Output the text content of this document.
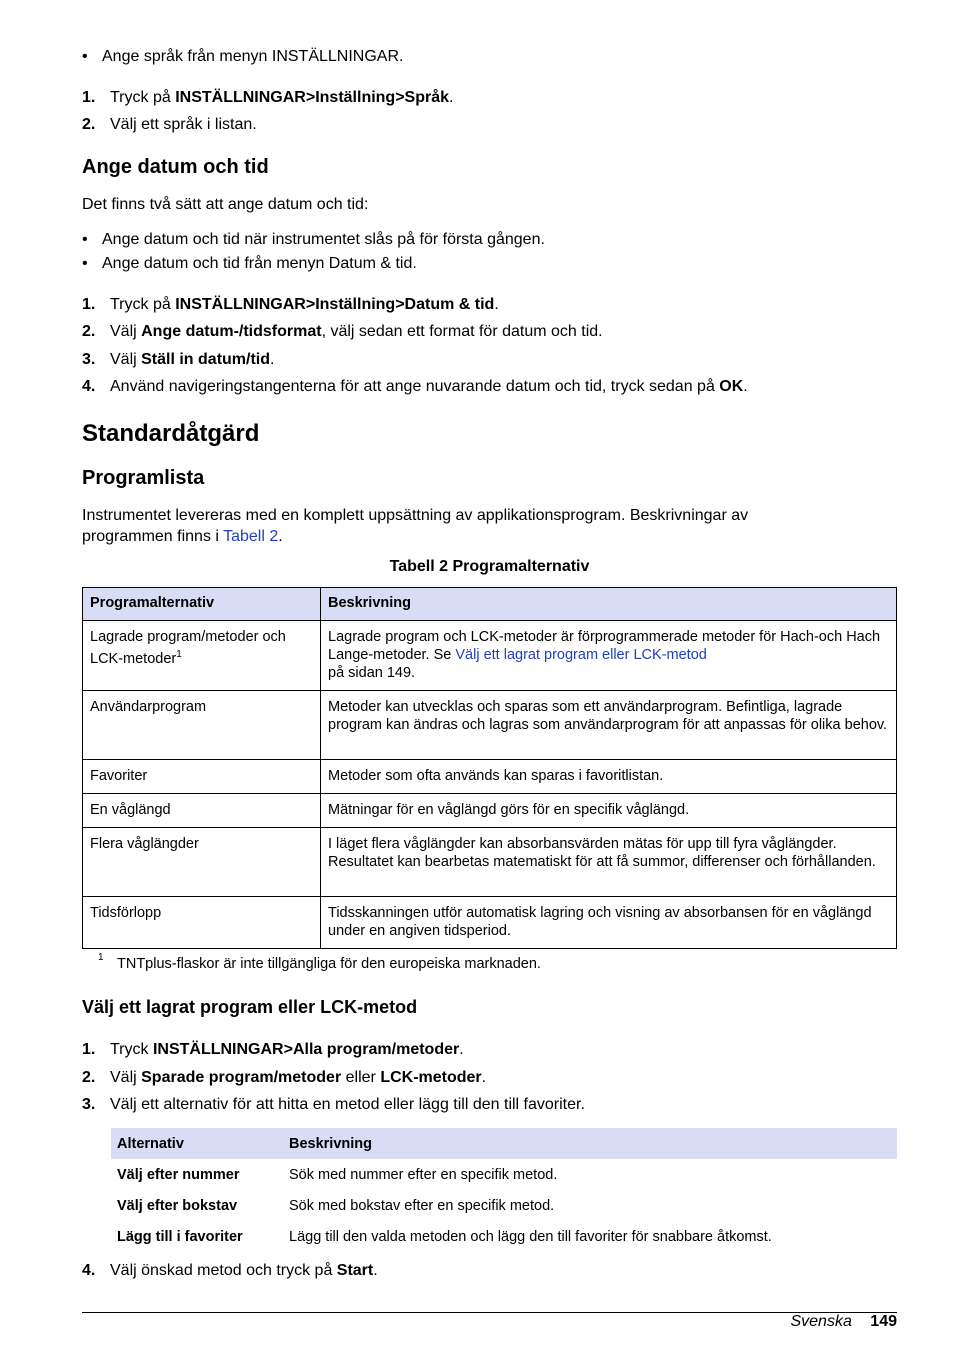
• Ange språk från menyn INSTÄLLNINGAR.
1. Tryck på INSTÄLLNINGAR>Inställning>Språk.
2. Välj ett språk i listan.
Ange datum och tid
Det finns två sätt att ange datum och tid:
• Ange datum och tid när instrumentet slås på för första gången.
• Ange datum och tid från menyn Datum & tid.
1. Tryck på INSTÄLLNINGAR>Inställning>Datum & tid.
2. Välj Ange datum-/tidsformat, välj sedan ett format för datum och tid.
3. Välj Ställ in datum/tid.
4. Använd navigeringstangenterna för att ange nuvarande datum och tid, tryck sedan på OK.
Standardåtgärd
Programlista
Instrumentet levereras med en komplett uppsättning av applikationsprogram. Beskrivningar av
programmen finns i Tabell 2.
Tabell 2 Programalternativ
Programalternativ	Beskrivning
Lagrade program/metoder och LCK-metoder$^1$	Lagrade program och LCK-metoder är förprogrammerade metoder för Hach-och Hach Lange-metoder. Se Välj ett lagrat program eller LCK-metod
på sidan 149.
Användarprogram	Metoder kan utvecklas och sparas som ett användarprogram. Befintliga, lagrade program kan ändras och lagras som användarprogram för att anpassas för olika behov.
Favoriter	Metoder som ofta används kan sparas i favoritlistan.
En våglängd	Mätningar för en våglängd görs för en specifik våglängd.
Flera våglängder	I läget flera våglängder kan absorbansvärden mätas för upp till fyra våglängder. Resultatet kan bearbetas matematiskt för att få summor, differenser och förhållanden.
Tidsförlopp	Tidsskanningen utför automatisk lagring och visning av absorbansen för en våglängd under en angiven tidsperiod.
1 TNTplus-flaskor är inte tillgängliga för den europeiska marknaden.
Välj ett lagrat program eller LCK-metod
1. Tryck INSTÄLLNINGAR>Alla program/metoder.
2. Välj Sparade program/metoder eller LCK-metoder.
3. Välj ett alternativ för att hitta en metod eller lägg till den till favoriter.
Alternativ	Beskrivning
Välj efter nummer	Sök med nummer efter en specifik metod.
Välj efter bokstav	Sök med bokstav efter en specifik metod.
Lägg till i favoriter	Lägg till den valda metoden och lägg den till favoriter för snabbare åtkomst.
4. Välj önskad metod och tryck på Start.
Svenska 149
